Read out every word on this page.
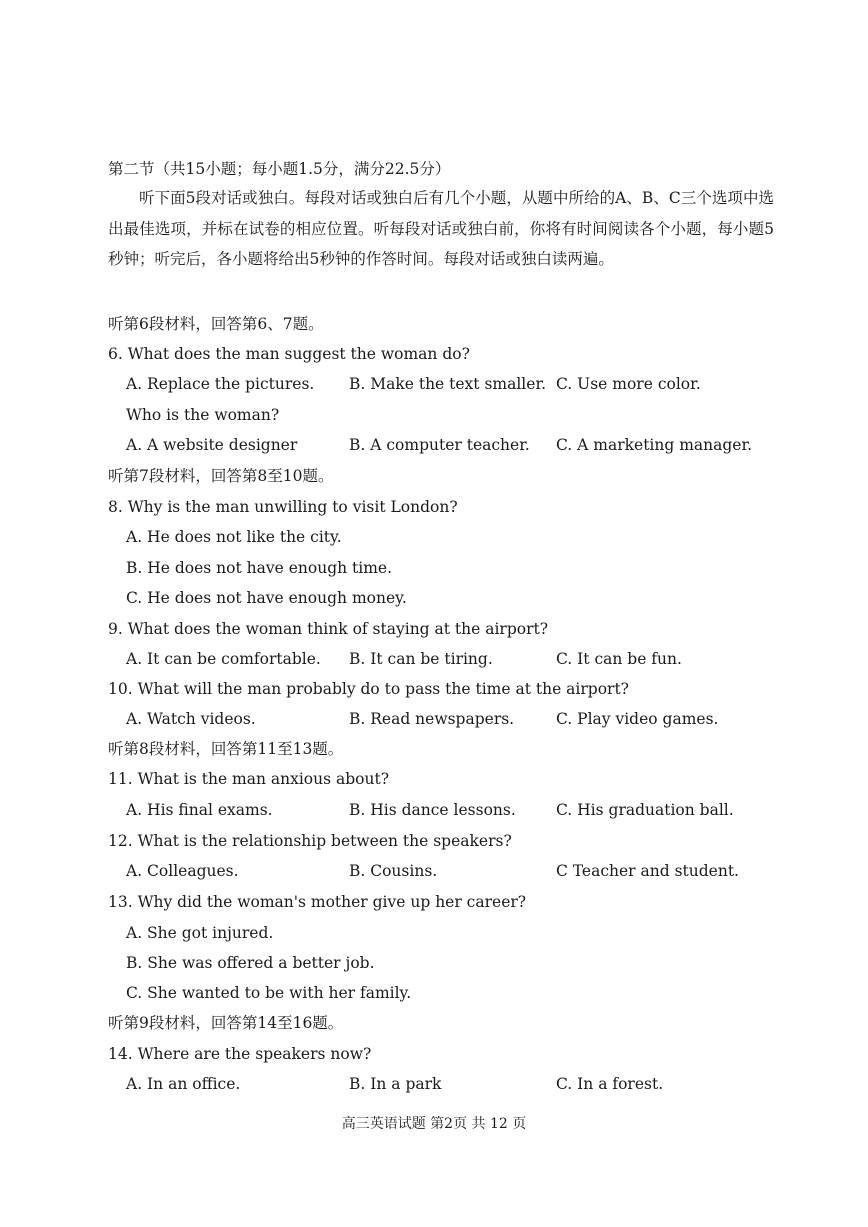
第二节（共15小题；每小题1.5分，满分22.5分）
听下面5段对话或独白。每段对话或独白后有几个小题，从题中所给的A、B、C三个选项中选出最佳选项，并标在试卷的相应位置。听每段对话或独白前，你将有时间阅读各个小题，每小题5秒钟；听完后，各小题将给出5秒钟的作答时间。每段对话或独白读两遍。
听第6段材料，回答第6、7题。
6. What does the man suggest the woman do?
A. Replace the pictures. B. Make the text smaller. C. Use more color.
Who is the woman?
A. A website designer	B. A computer teacher. C. A marketing manager.
听第7段材料，回答第8至10题。
8. Why is the man unwilling to visit London?
A. He does not like the city.
B. He does not have enough time.
C. He does not have enough money.
9. What does the woman think of staying at the airport?
A. It can be comfortable. B. It can be tiring.	C. It can be fun.
10. What will the man probably do to pass the time at the airport?
A. Watch videos.	B. Read newspapers.	C. Play video games.
听第8段材料，回答第11至13题。
11. What is the man anxious about?
A. His final exams.	B. His dance lessons.	C. His graduation ball.
12. What is the relationship between the speakers?
A. Colleagues.	B. Cousins.	C Teacher and student.
13. Why did the woman's mother give up her career?
A. She got injured.
B. She was offered a better job.
C. She wanted to be with her family.
听第9段材料，回答第14至16题。
14. Where are the speakers now?
A. In an office.	B. In a park	C. In a forest.
高三英语试题 第2页 共 12 页
